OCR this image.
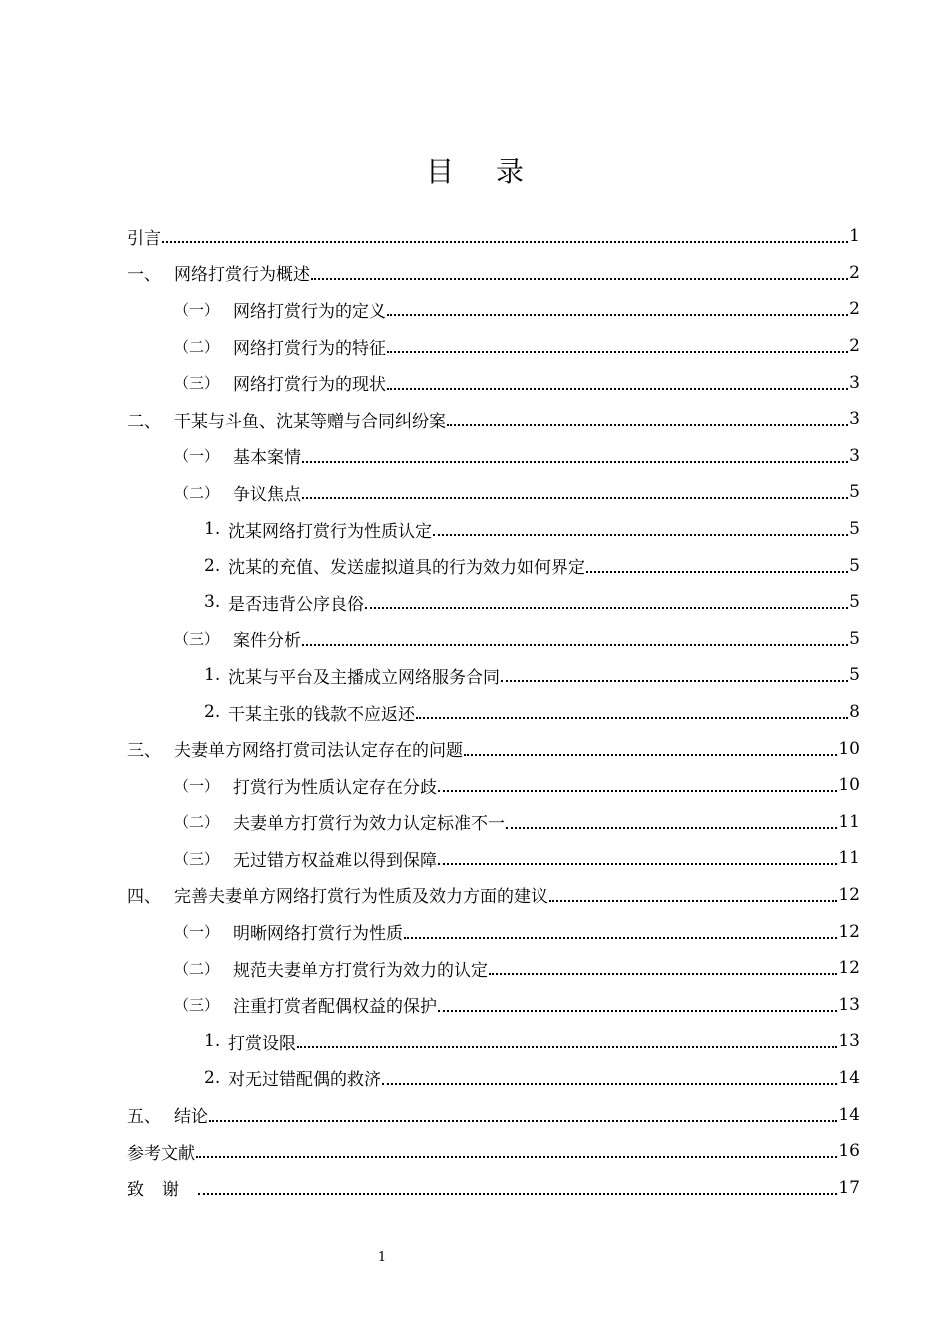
目 录
引言	1
一、 网络打赏行为概述	2
（一） 网络打赏行为的定义	2
（二） 网络打赏行为的特征	2
（三） 网络打赏行为的现状	3
二、 干某与斗鱼、沈某等赠与合同纠纷案	3
（一） 基本案情	3
（二） 争议焦点	5
1. 沈某网络打赏行为性质认定	5
2. 沈某的充值、发送虚拟道具的行为效力如何界定	5
3. 是否违背公序良俗	5
（三） 案件分析	5
1. 沈某与平台及主播成立网络服务合同	5
2. 干某主张的钱款不应返还	8
三、 夫妻单方网络打赏司法认定存在的问题	10
（一） 打赏行为性质认定存在分歧	10
（二） 夫妻单方打赏行为效力认定标准不一	11
（三） 无过错方权益难以得到保障	11
四、 完善夫妻单方网络打赏行为性质及效力方面的建议	12
（一） 明晰网络打赏行为性质	12
（二） 规范夫妻单方打赏行为效力的认定	12
（三） 注重打赏者配偶权益的保护	13
1. 打赏设限	13
2. 对无过错配偶的救济	14
五、 结论	14
参考文献	16
致谢	17
1
